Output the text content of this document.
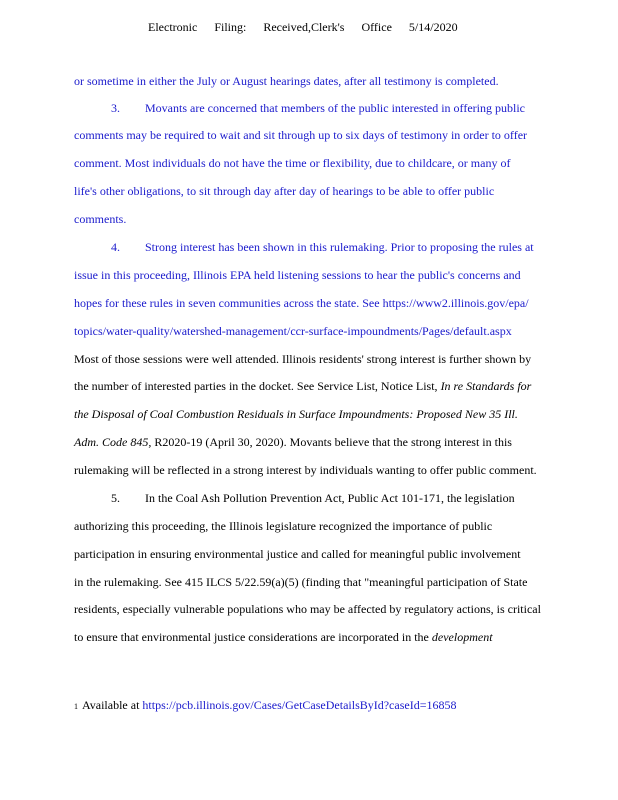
Electronic Filing: Received,Clerk's Office 5/14/2020
or sometime in either the July or August hearings dates, after all testimony is completed.
3. Movants are concerned that members of the public interested in offering public
comments may be required to wait and sit through up to six days of testimony in order to offer
comment. Most individuals do not have the time or flexibility, due to childcare, or many of
life's other obligations, to sit through day after day of hearings to be able to offer public
comments.
4. Strong interest has been shown in this rulemaking. Prior to proposing the rules at
issue in this proceeding, Illinois EPA held listening sessions to hear the public's concerns and
hopes for these rules in seven communities across the state. See https://www2.illinois.gov/epa/
topics/water-quality/watershed-management/ccr-surface-impoundments/Pages/default.aspx
Most of those sessions were well attended. Illinois residents' strong interest is further shown by
the number of interested parties in the docket. See Service List, Notice List, In re Standards for
the Disposal of Coal Combustion Residuals in Surface Impoundments: Proposed New 35 Ill.
Adm. Code 845, R2020-19 (April 30, 2020). Movants believe that the strong interest in this
rulemaking will be reflected in a strong interest by individuals wanting to offer public comment.
5. In the Coal Ash Pollution Prevention Act, Public Act 101-171, the legislation
authorizing this proceeding, the Illinois legislature recognized the importance of public
participation in ensuring environmental justice and called for meaningful public involvement
in the rulemaking. See 415 ILCS 5/22.59(a)(5) (finding that "meaningful participation of State
residents, especially vulnerable populations who may be affected by regulatory actions, is critical
to ensure that environmental justice considerations are incorporated in the development
1 Available at https://pcb.illinois.gov/Cases/GetCaseDetailsById?caseId=16858
